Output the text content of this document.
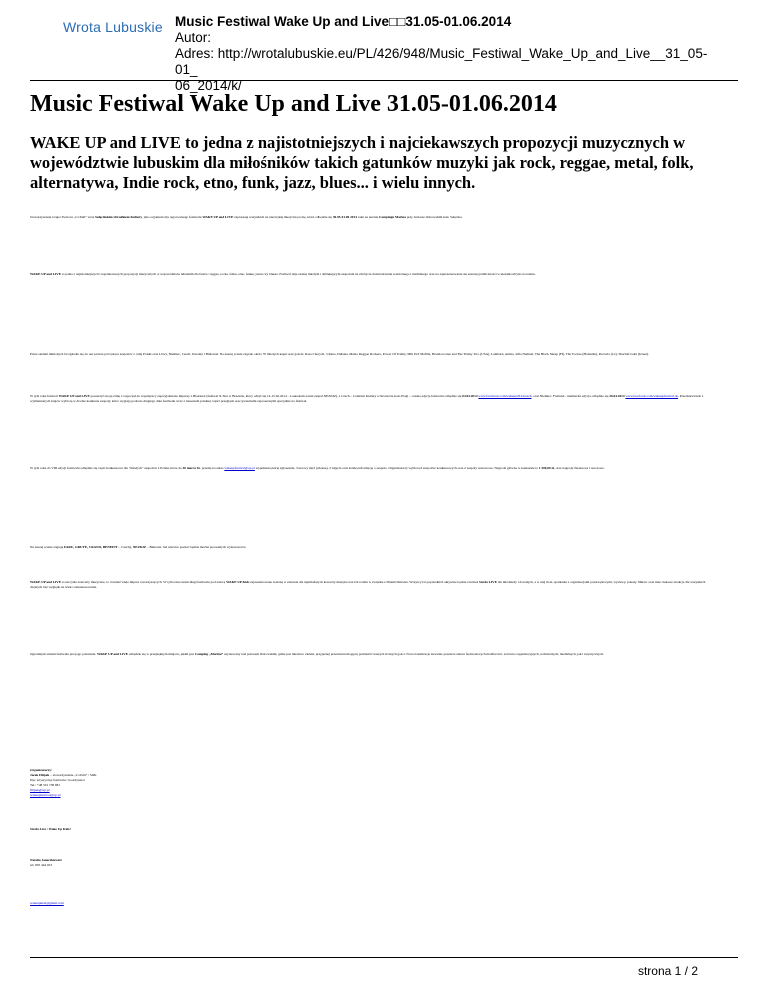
Wrota Lubuskie Music Festiwal Wake Up and Live□□31.05-01.06.2014
Autor:
Adres: http://wrotalubuskie.eu/PL/426/948/Music_Festiwal_Wake_Up_and_Live__31_05-01_
06_2014/k/
Music Festiwal Wake Up and Live 31.05-01.06.2014
WAKE UP and LIVE to jedna z najistotniejszych i najciekawszych propozycji muzycznych w województwie lubuskim dla miłośników takich gatunków muzyki jak rock, reggae, metal, folk, alternatywa, Indie rock, etno, funk, jazz, blues... i wielu innych.
Stowarzyszenie Grupa Twórcza „CoTam” wraz Sulęcińskim Ośrodkiem Kultury, jako organizatorzy tegorocznego festiwalu WAKE UP and LIVE zapraszają wszystkich na niezwykłą muzyczną ucztę, która odbędzie się 30.05-01.06 2014 roku na terenie Campingu Marina przy Jeziorze Ostrowskim koło Sulęcina.
WAKE UP and LIVE to jedna z najistotniejszych i najciekawszych propozycji muzycznych w województwie lubuskim dla fanów: reggae, rocka, folku, etno, funku, jazzu czy bluesa. Festiwal daje szansę młodym i debiutującym zespołom na zdobycie doświadczenia scenicznego i medialnego oraz na zaprezentowanie się szerszej publiczności w niesamowitym otoczeniu.
Przez siedem minionych lat zgłosiło się do nas prawie pół tysiąca zespołów z całej Polski oraz Litwy, Niemiec, Czech, Ukrainy i Białorusi. Na naszej scenie zagrało około 70 młodych kapel oraz goście: Kasa Chorych, 3 Rano, Dubska, Maleo Reggae Rockers, Power Of Trinity, Mili PaT Mafilla, Brandon Glee and The Trinky Two (USA), Lombard, Armia, Jafia Namuel, The Black Sheep (FI), The Toobes (Holandia), Pectoria (Cz), Shachaf-Gabi (Izrael).
W tym roku festiwal WAKE UP and LIVE poszerzył swoją ramę i rozpoczął do współpracy zaprzyjaźnione imprezy z Białorusi (festiwal X-Star w Brześciu, który odbył się 14-15.02.2014 – Laureatem został zespół NEZKIZ), z Czech – Centrum Kultury w Roznovie koło Pragi – czeska edycja festiwalu odbędzie się 04.04.2014 www.facebook.com/wakeup2014czech, oraz Niemiec. Freiland - niemiecka edycja odbędzie się 26.04.2014 www.facebook.com/wakeupfestival.de. Przedstawiciele z wymienionych krajów wybiorą w drodze konkursu zespoły, które wygrają podczas drugiego dnia festiwalu wraz z laureatem polskiej części przegląda oraz gwiazdami zaproszonymi specjalnie na festiwal.
W tym roku do VIII edycji festiwalu odbędzie się część konkursowa dla "młodych" zespołów z Polski, które do 30 marca br. prześlą na adres wakeupfestival@op.pl wypełnioną kartę zgłoszenia, 3 utwory mp3 (własne), 2 zdjęcia oraz krótką informację o zespole. Organizatorzy wybiorą 6 zespołów konkursowych oraz 2 zespoły rezerwowe. Nagroda główna w konkursie to 1 500,00 zł, oraz nagrody finansowe i rzeczowe.
Na naszej scenie zagrają FARU, GRUTE, 3 RANO, BENEFIT – Czechy, NEZKIZ – Białoruś. Już wkrótce poznać będzie można pozostałych wykonawców.
WAKE UP and LIVE to nie tylko koncerty muzyczne, to również wiele imprez towarzyszących. W tym roku razem długi festiwalu pod nazwą WAKE UP Kids zaprezentowane zostaną w zakresie dla najmłodszych koncerty muzyki oraz ich rodzin w związku z Dniem Dziecka. Wszyscy lat poprzednich aktywnie będzie również Strefa LIVE dla młodzieży i dorosłych, a w niej m.in. spotkania z organizacjami pozarządowymi, wystawy, pokazy filmów oraz inne ciekawe atrakcje dla wszystkich chętnych bez względu na wiek i zainteresowania.
Ogromnym atutem festiwalu jest jego położenie. WAKE UP and LIVE odbędzie się w przepięknym miejscu, jakim jest Camping „Marina” usytuowany nad jeziorem Ostrowskim, gdzie jest mnóstwo zieleni, przyjaznej przestrzeni mogącej pomieścić naszych licznych gości. Nowa lokalizacja znacznie poszerza zakres festiwalowych możliwości, zarówno organizacyjnych, technicznych, medialnych, jak i turystycznych.
Organizatorzy:
Jacek Filipek – stowarzyszenie „CoTam” / SOK
Dyr. artystyczny festiwalu / koordynator
Tel.: +48 501 738 981
filipek@wp.pl
wakeupfestival@op.pl
Strefa Live / Wake Up Kids!
Natalia Janeczkiewicz
tel. 605 444 023
wakeupkids@gmail.com
strona 1 / 2
